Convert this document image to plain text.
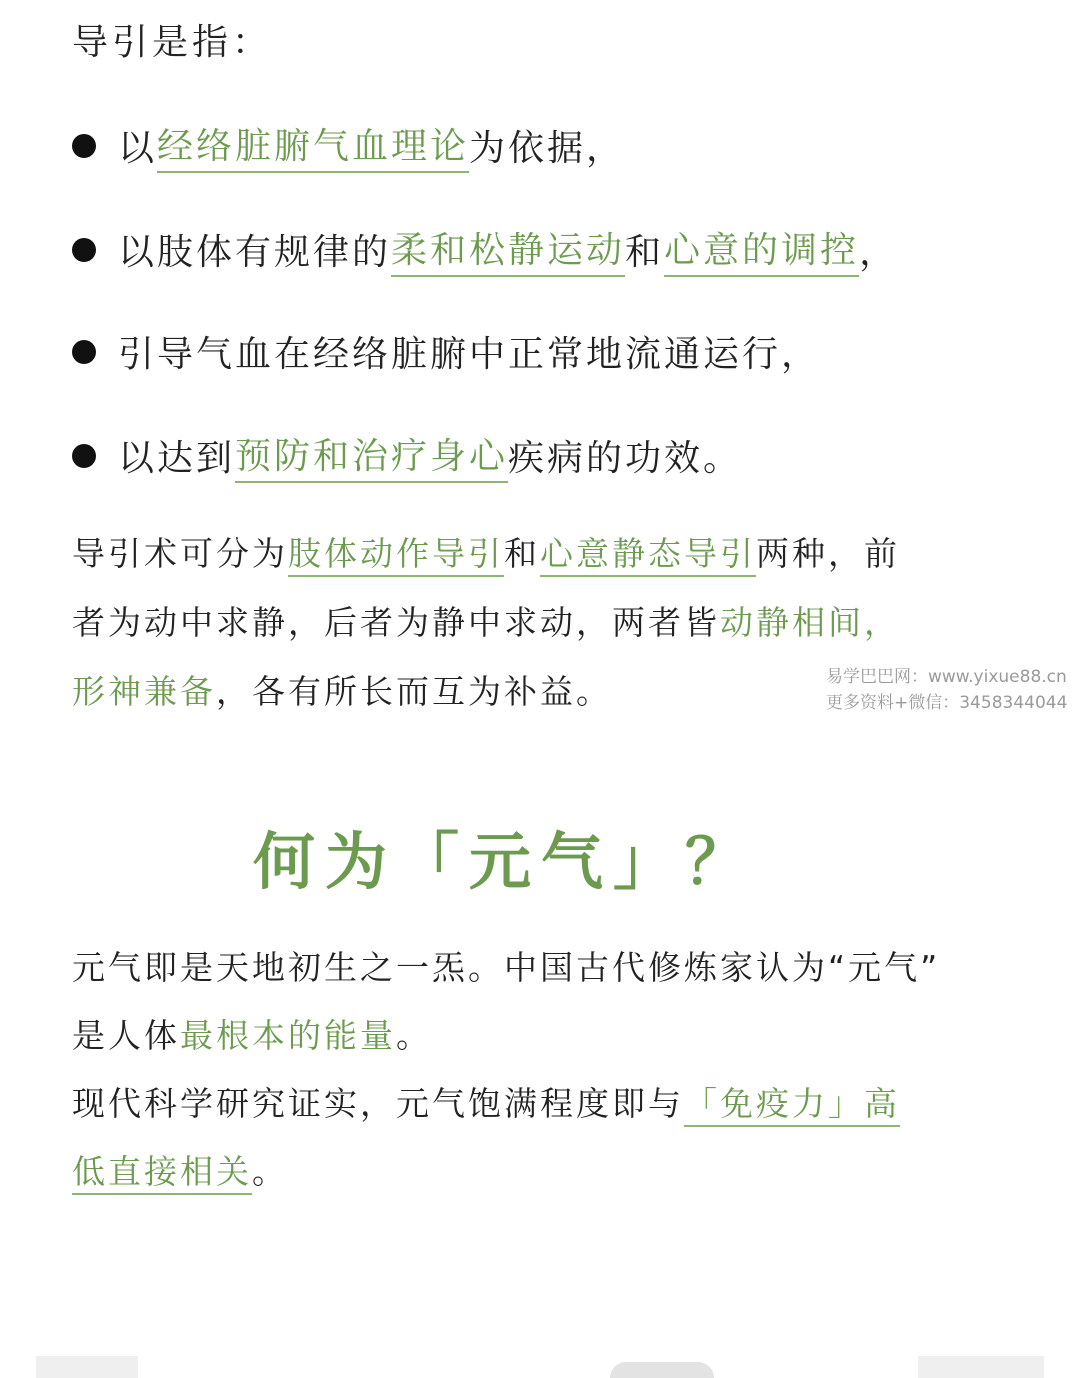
导引是指：
以 经络脏腑气血理论 为依据，
以肢体有规律的 柔和松静运动 和 心意的调控 ，
引导气血在经络脏腑中正常地流通运行，
以达到 预防和治疗身心 疾病的功效。
导引术可分为肢体动作导引和心意静态导引两种，前
者为动中求静，后者为静中求动，两者皆动静相间，
形神兼备，各有所长而互为补益。	易学巴巴网：www.yixue88.cn
更多资料+微信：3458344044
何为「元气」？
元气即是天地初生之一炁。中国古代修炼家认为“元气”
是人体最根本的能量。
现代科学研究证实，元气饱满程度即与「免疫力」高
低直接相关。
